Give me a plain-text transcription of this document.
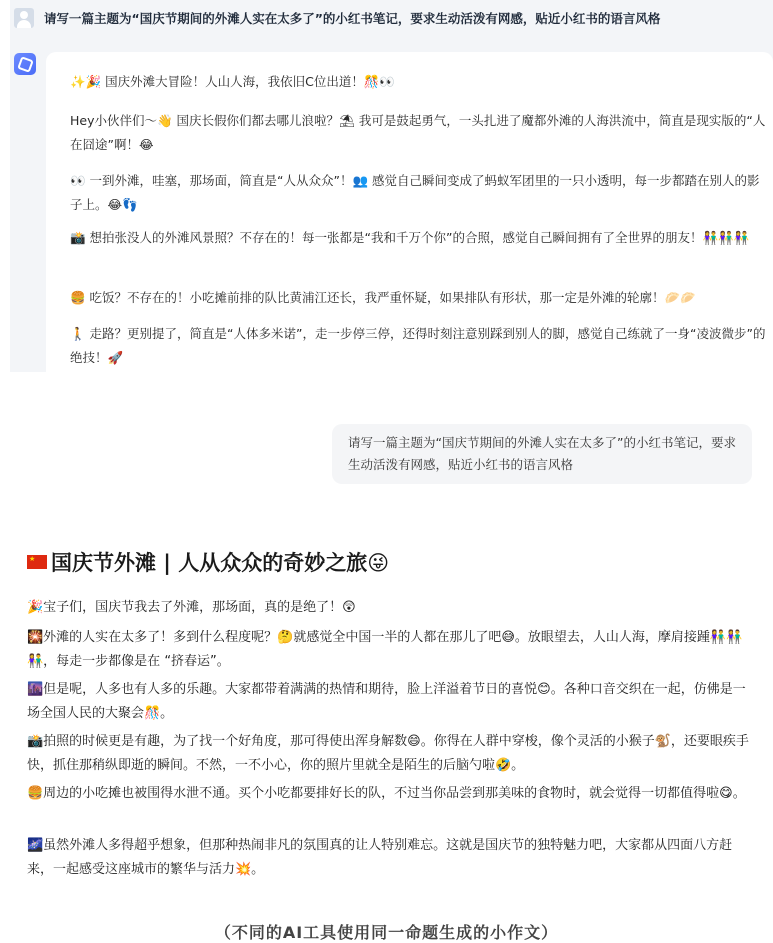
请写一篇主题为“国庆节期间的外滩人实在太多了”的小红书笔记，要求生动活泼有网感，贴近小红书的语言风格
✨🎉 国庆外滩大冒险！人山人海，我依旧C位出道！🎊👀
Hey小伙伴们～👋 国庆长假你们都去哪儿浪啦？⛱ 我可是鼓起勇气，一头扎进了魔都外滩的人海洪流中，简直是现实版的“人在囧途”啊！😂
👀 一到外滩，哇塞，那场面，简直是“人从众众”！👥 感觉自己瞬间变成了蚂蚁军团里的一只小透明，每一步都踏在别人的影子上。😂👣
📸 想拍张没人的外滩风景照？不存在的！每一张都是“我和千万个你”的合照，感觉自己瞬间拥有了全世界的朋友！👫👫👫
🍔 吃饭？不存在的！小吃摊前排的队比黄浦江还长，我严重怀疑，如果排队有形状，那一定是外滩的轮廓！🥟🥟
🚶 走路？更别提了，简直是“人体多米诺”，走一步停三停，还得时刻注意别踩到别人的脚，感觉自己练就了一身“凌波微步”的绝技！🚀
请写一篇主题为“国庆节期间的外滩人实在太多了”的小红书笔记，要求生动活泼有网感，贴近小红书的语言风格
★国庆节外滩 | 人从众众的奇妙之旅😜
🎉宝子们，国庆节我去了外滩，那场面，真的是绝了！😲
🎇外滩的人实在太多了！多到什么程度呢？🤔就感觉全中国一半的人都在那儿了吧😅。放眼望去，人山人海，摩肩接踵👫👫👫，每走一步都像是在 “挤春运”。
🌆但是呢，人多也有人多的乐趣。大家都带着满满的热情和期待，脸上洋溢着节日的喜悦😊。各种口音交织在一起，仿佛是一场全国人民的大聚会🎊。
📸拍照的时候更是有趣，为了找一个好角度，那可得使出浑身解数😄。你得在人群中穿梭，像个灵活的小猴子🐒，还要眼疾手快，抓住那稍纵即逝的瞬间。不然，一不小心，你的照片里就全是陌生的后脑勺啦🤣。
🍔周边的小吃摊也被围得水泄不通。买个小吃都要排好长的队，不过当你品尝到那美味的食物时，就会觉得一切都值得啦😋。
🌌虽然外滩人多得超乎想象，但那种热闹非凡的氛围真的让人特别难忘。这就是国庆节的独特魅力吧，大家都从四面八方赶来，一起感受这座城市的繁华与活力💥。
（不同的AI工具使用同一命题生成的小作文）
